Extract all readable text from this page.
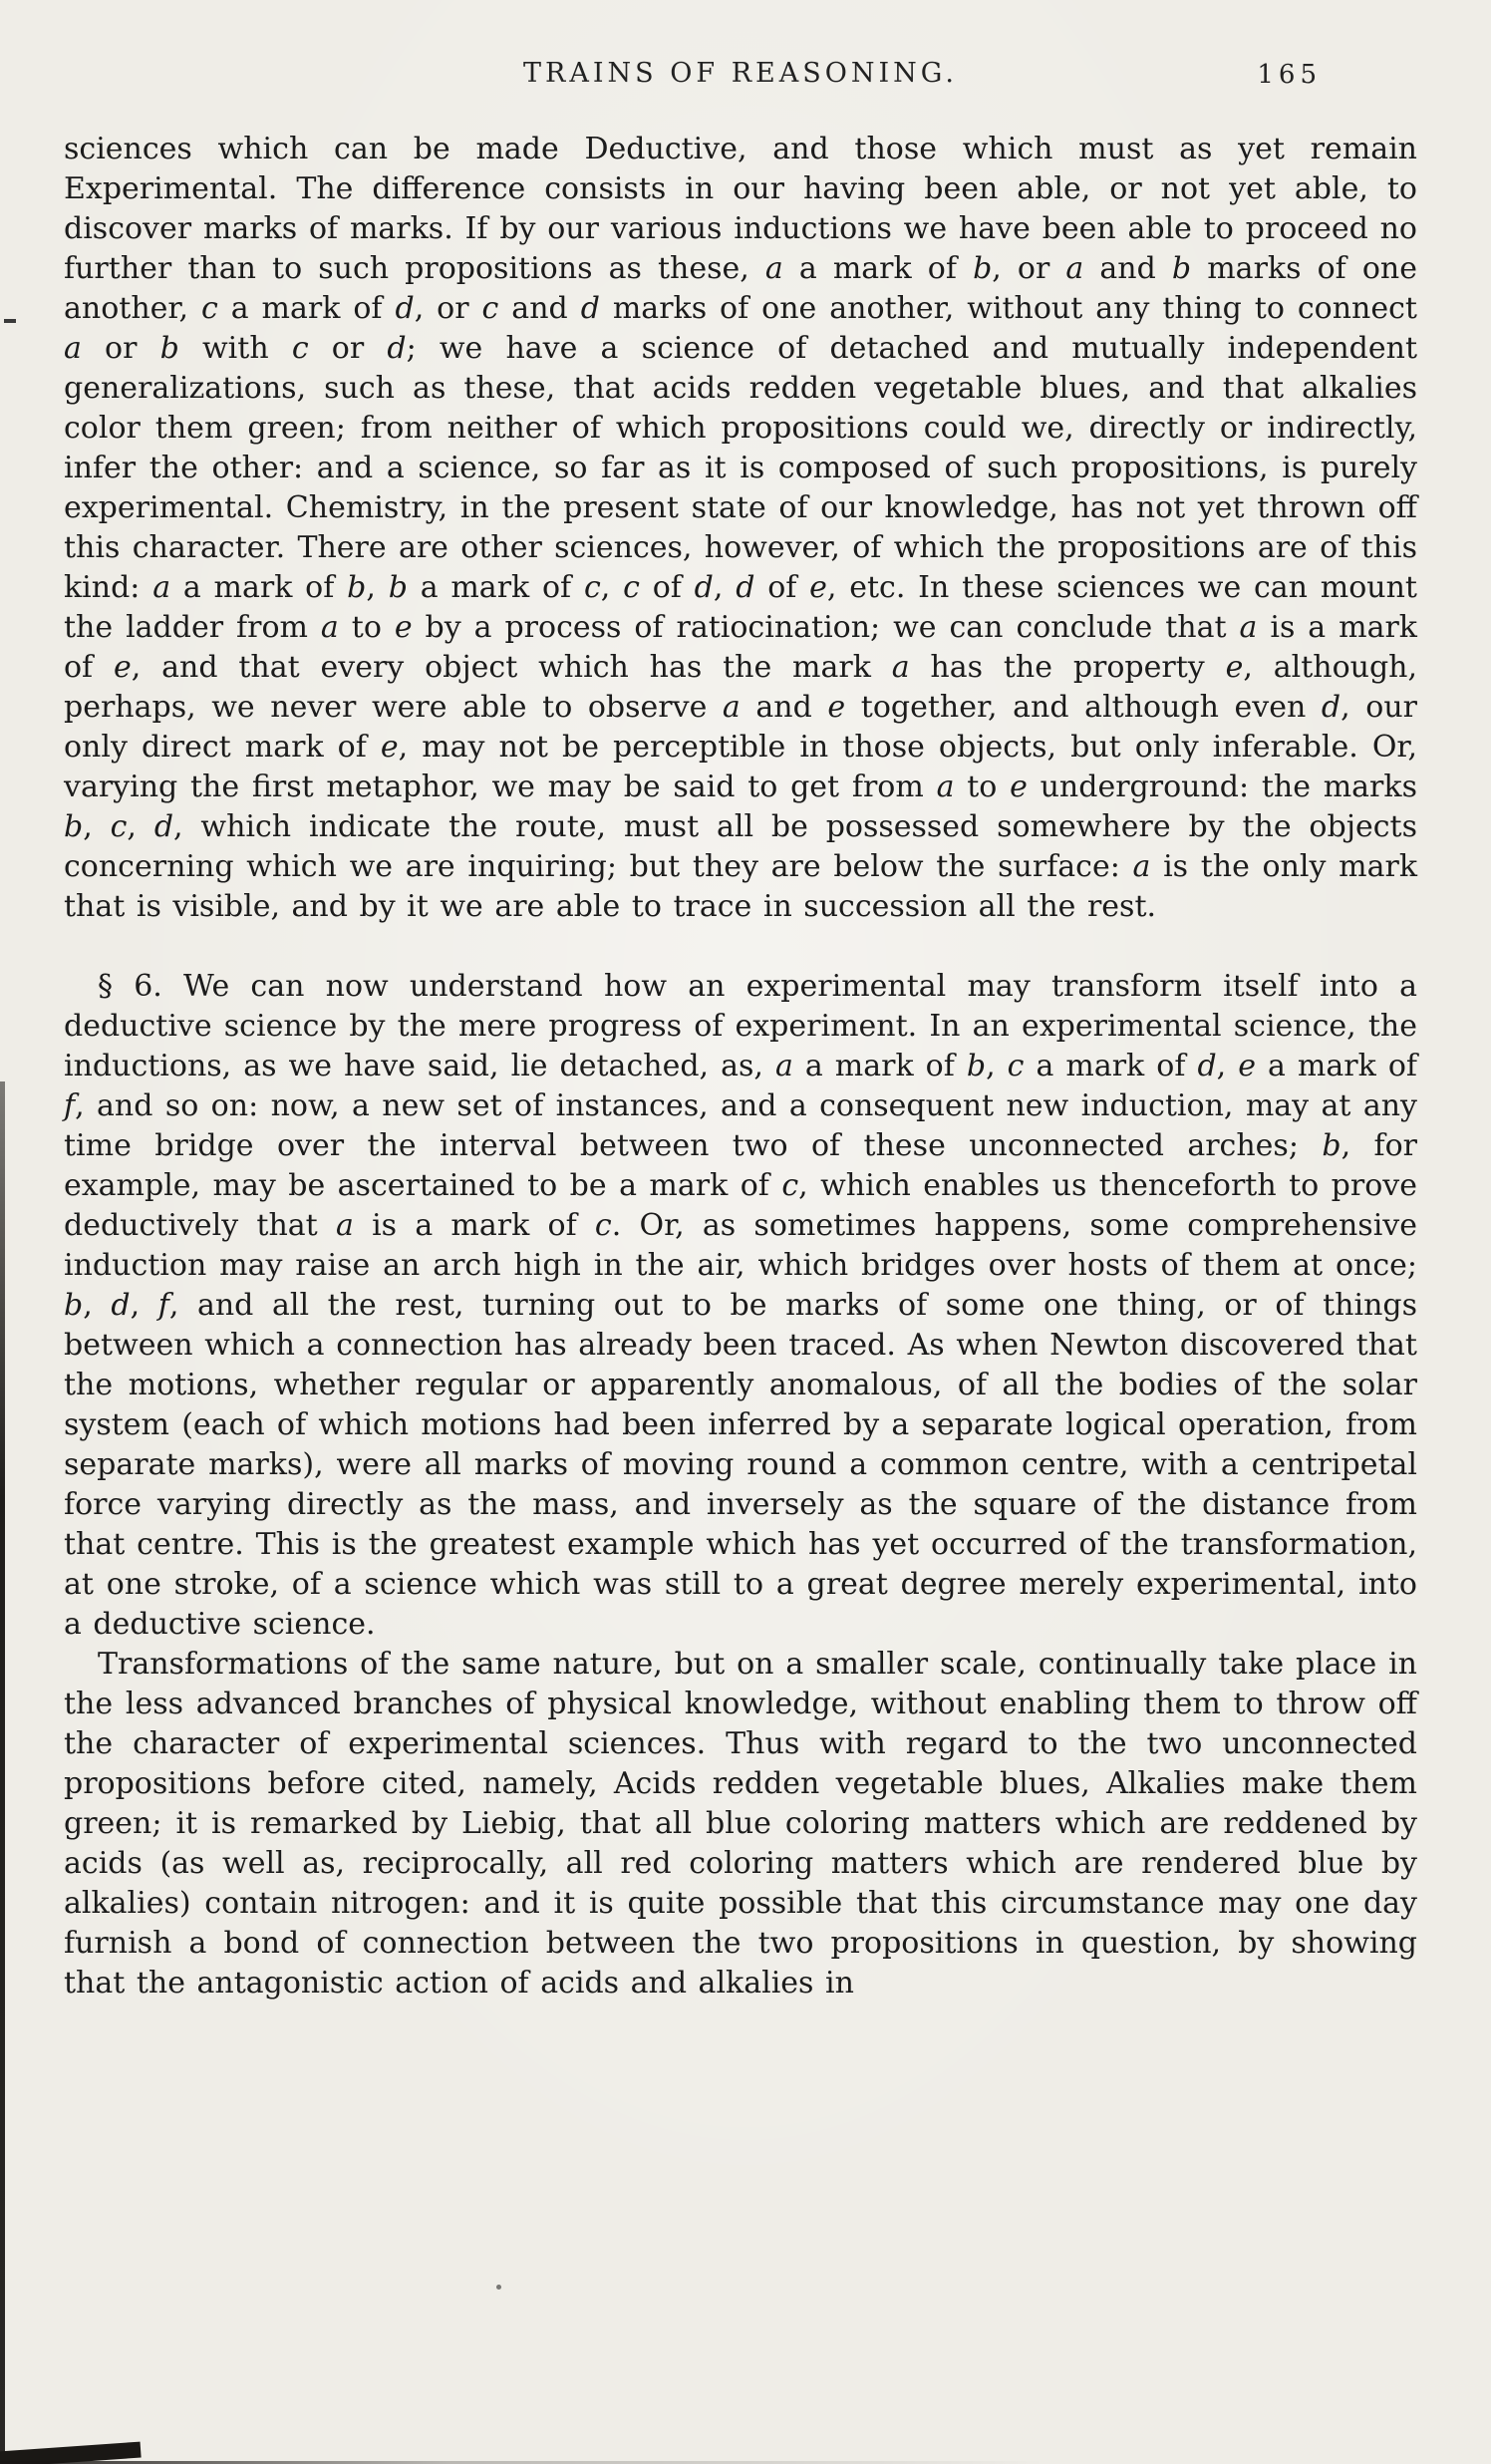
TRAINS OF REASONING.	165

sciences which can be made Deductive, and those which must as yet remain Experimental. The difference consists in our having been able, or not yet able, to discover marks of marks. If by our various inductions we have been able to proceed no further than to such propositions as these, a a mark of b, or a and b marks of one another, c a mark of d, or c and d marks of one another, without any thing to connect a or b with c or d; we have a science of detached and mutually independent generalizations, such as these, that acids redden vegetable blues, and that alkalies color them green; from neither of which propositions could we, directly or indirectly, infer the other: and a science, so far as it is composed of such propositions, is purely experimental. Chemistry, in the present state of our knowledge, has not yet thrown off this character. There are other sciences, however, of which the propositions are of this kind: a a mark of b, b a mark of c, c of d, d of e, etc. In these sciences we can mount the ladder from a to e by a process of ratiocination; we can conclude that a is a mark of e, and that every object which has the mark a has the property e, although, perhaps, we never were able to observe a and e together, and although even d, our only direct mark of e, may not be perceptible in those objects, but only inferable. Or, varying the first metaphor, we may be said to get from a to e underground: the marks b, c, d, which indicate the route, must all be possessed somewhere by the objects concerning which we are inquiring; but they are below the surface: a is the only mark that is visible, and by it we are able to trace in succession all the rest.

§ 6. We can now understand how an experimental may transform itself into a deductive science by the mere progress of experiment. In an experimental science, the inductions, as we have said, lie detached, as, a a mark of b, c a mark of d, e a mark of f, and so on: now, a new set of instances, and a consequent new induction, may at any time bridge over the interval between two of these unconnected arches; b, for example, may be ascertained to be a mark of c, which enables us thenceforth to prove deductively that a is a mark of c. Or, as sometimes happens, some comprehensive induction may raise an arch high in the air, which bridges over hosts of them at once; b, d, f, and all the rest, turning out to be marks of some one thing, or of things between which a connection has already been traced. As when Newton discovered that the motions, whether regular or apparently anomalous, of all the bodies of the solar system (each of which motions had been inferred by a separate logical operation, from separate marks), were all marks of moving round a common centre, with a centripetal force varying directly as the mass, and inversely as the square of the distance from that centre. This is the greatest example which has yet occurred of the transformation, at one stroke, of a science which was still to a great degree merely experimental, into a deductive science.

Transformations of the same nature, but on a smaller scale, continually take place in the less advanced branches of physical knowledge, without enabling them to throw off the character of experimental sciences. Thus with regard to the two unconnected propositions before cited, namely, Acids redden vegetable blues, Alkalies make them green; it is remarked by Liebig, that all blue coloring matters which are reddened by acids (as well as, reciprocally, all red coloring matters which are rendered blue by alkalies) contain nitrogen: and it is quite possible that this circumstance may one day furnish a bond of connection between the two propositions in question, by showing that the antagonistic action of acids and alkalies in
